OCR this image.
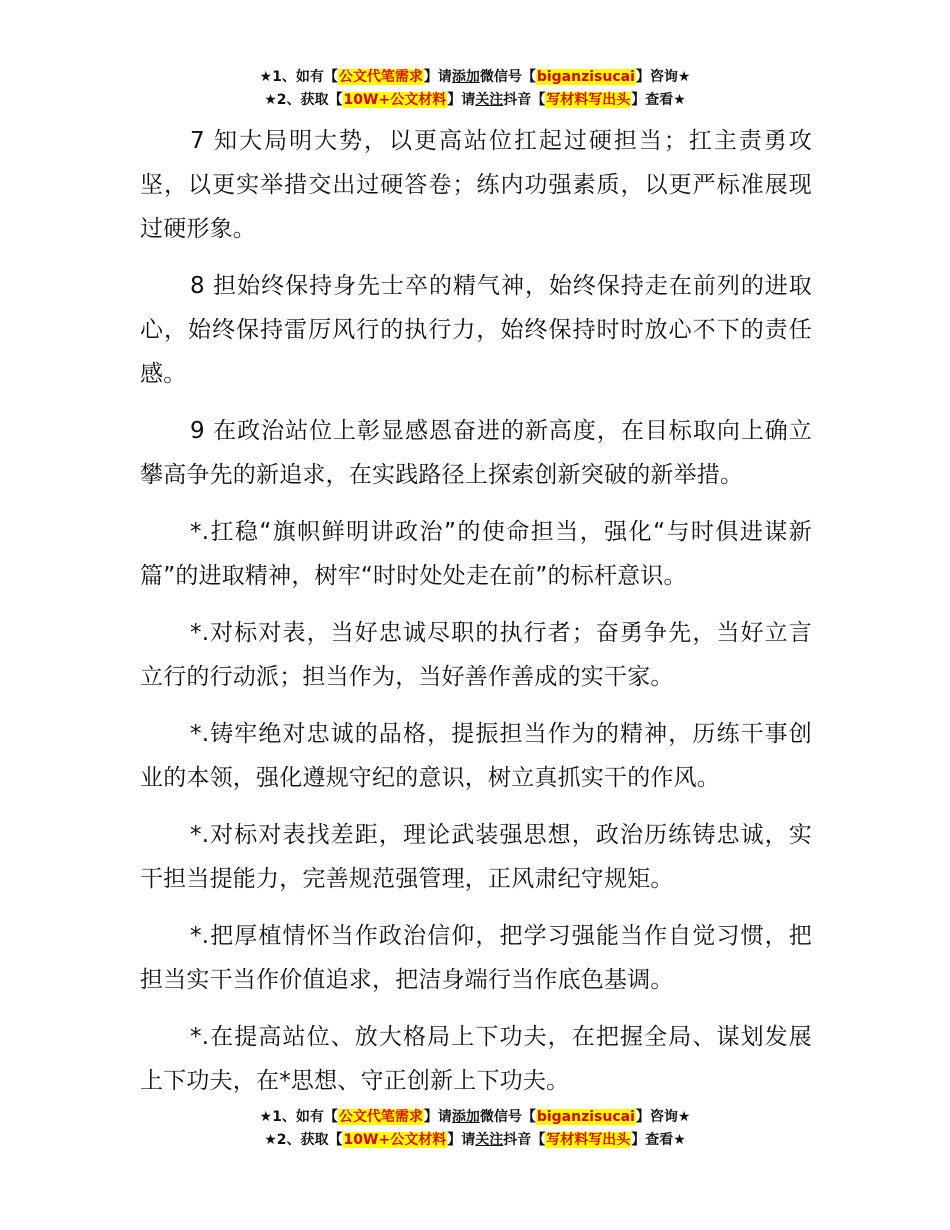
★1、如有【公文代笔需求】请添加微信号【biganzisucai】咨询★
★2、获取【10W+公文材料】请关注抖音【写材料写出头】查看★

7 知大局明大势，以更高站位扛起过硬担当；扛主责勇攻坚，以更实举措交出过硬答卷；练内功强素质，以更严标准展现过硬形象。

8 担始终保持身先士卒的精气神，始终保持走在前列的进取心，始终保持雷厉风行的执行力，始终保持时时放心不下的责任感。

9 在政治站位上彰显感恩奋进的新高度，在目标取向上确立攀高争先的新追求，在实践路径上探索创新突破的新举措。

*.扛稳“旗帜鲜明讲政治”的使命担当，强化“与时俱进谋新篇”的进取精神，树牢“时时处处走在前”的标杆意识。

*.对标对表，当好忠诚尽职的执行者；奋勇争先，当好立言立行的行动派；担当作为，当好善作善成的实干家。

*.铸牢绝对忠诚的品格，提振担当作为的精神，历练干事创业的本领，强化遵规守纪的意识，树立真抓实干的作风。

*.对标对表找差距，理论武装强思想，政治历练铸忠诚，实干担当提能力，完善规范强管理，正风肃纪守规矩。

*.把厚植情怀当作政治信仰，把学习强能当作自觉习惯，把担当实干当作价值追求，把洁身端行当作底色基调。

*.在提高站位、放大格局上下功夫，在把握全局、谋划发展上下功夫，在*思想、守正创新上下功夫。

★1、如有【公文代笔需求】请添加微信号【biganzisucai】咨询★
★2、获取【10W+公文材料】请关注抖音【写材料写出头】查看★
